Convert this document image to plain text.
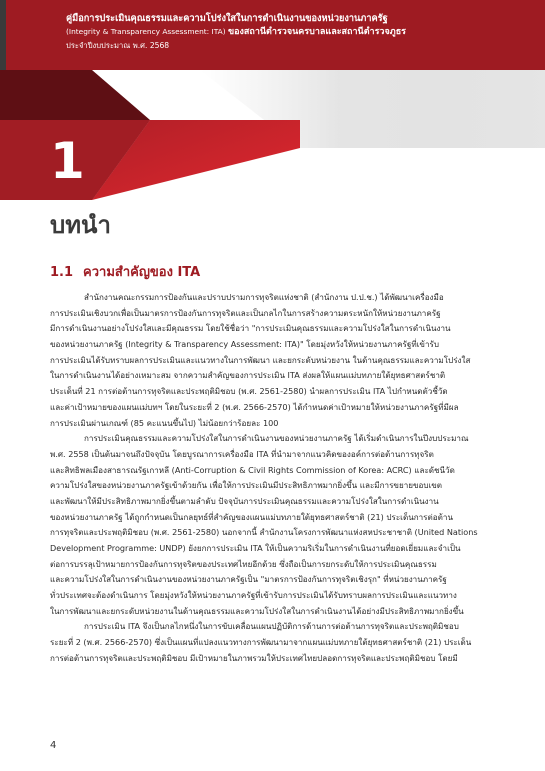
คู่มือการประเมินคุณธรรมและความโปร่งใสในการดำเนินงานของหน่วยงานภาครัฐ
(Integrity & Transparency Assessment: ITA) ของสถานีตำรวจนครบาลและสถานีตำรวจภูธร
ประจำปีงบประมาณ พ.ศ. 2568
1
บทนำ
1.1 ความสำคัญของ ITA
สำนักงานคณะกรรมการป้องกันและปราบปรามการทุจริตแห่งชาติ (สำนักงาน ป.ป.ช.) ได้พัฒนาเครื่องมือ
การประเมินเชิงบวกเพื่อเป็นมาตรการป้องกันการทุจริตและเป็นกลไกในการสร้างความตระหนักให้หน่วยงานภาครัฐ
มีการดำเนินงานอย่างโปร่งใสและมีคุณธรรม โดยใช้ชื่อว่า "การประเมินคุณธรรมและความโปร่งใสในการดำเนินงาน
ของหน่วยงานภาครัฐ (Integrity & Transparency Assessment: ITA)" โดยมุ่งหวังให้หน่วยงานภาครัฐที่เข้ารับ
การประเมินได้รับทราบผลการประเมินและแนวทางในการพัฒนา และยกระดับหน่วยงาน ในด้านคุณธรรมและความโปร่งใส
ในการดำเนินงานได้อย่างเหมาะสม จากความสำคัญของการประเมิน ITA ส่งผลให้แผนแม่บทภายใต้ยุทธศาสตร์ชาติ
ประเด็นที่ 21 การต่อต้านการทุจริตและประพฤติมิชอบ (พ.ศ. 2561-2580) นำผลการประเมิน ITA ไปกำหนดตัวชี้วัด
และค่าเป้าหมายของแผนแม่บทฯ โดยในระยะที่ 2 (พ.ศ. 2566-2570) ได้กำหนดค่าเป้าหมายให้หน่วยงานภาครัฐที่มีผล
การประเมินผ่านเกณฑ์ (85 คะแนนขึ้นไป) ไม่น้อยกว่าร้อยละ 100
การประเมินคุณธรรมและความโปร่งใสในการดำเนินงานของหน่วยงานภาครัฐ ได้เริ่มดำเนินการในปีงบประมาณ
พ.ศ. 2558 เป็นต้นมาจนถึงปัจจุบัน โดยบูรณาการเครื่องมือ ITA ที่นำมาจากแนวคิดของอค์การต่อต้านการทุจริต
และสิทธิพลเมืองสาธารณรัฐเกาหลี (Anti-Corruption & Civil Rights Commission of Korea: ACRC) และดัชนีวัด
ความโปร่งใสของหน่วยงานภาครัฐเข้าด้วยกัน เพื่อให้การประเมินมีประสิทธิภาพมากยิ่งขึ้น และมีการขยายขอบเขต
และพัฒนาให้มีประสิทธิภาพมากยิ่งขึ้นตามลำดับ ปัจจุบันการประเมินคุณธรรมและความโปร่งใสในการดำเนินงาน
ของหน่วยงานภาครัฐ ได้ถูกกำหนดเป็นกลยุทธ์ที่สำคัญของแผนแม่บทภายใต้ยุทธศาสตร์ชาติ (21) ประเด็นการต่อต้าน
การทุจริตและประพฤติมิชอบ (พ.ศ. 2561-2580) นอกจากนี้ สำนักงานโครงการพัฒนาแห่งสหประชาชาติ (United Nations
Development Programme: UNDP) ยังยกการประเมิน ITA ให้เป็นความริเริ่มในการดำเนินงานที่ยอดเยี่ยมและจำเป็น
ต่อการบรรลุเป้าหมายการป้องกันการทุจริตของประเทศไทยอีกด้วย ซึ่งถือเป็นการยกระดับให้การประเมินคุณธรรม
และความโปร่งใสในการดำเนินงานของหน่วยงานภาครัฐเป็น "มาตรการป้องกันการทุจริตเชิงรุก" ที่หน่วยงานภาครัฐ
ทั่วประเทศจะต้องดำเนินการ โดยมุ่งหวังให้หน่วยงานภาครัฐที่เข้ารับการประเมินได้รับทราบผลการประเมินและแนวทาง
ในการพัฒนาและยกระดับหน่วยงานในด้านคุณธรรมและความโปร่งใสในการดำเนินงานได้อย่างมีประสิทธิภาพมากยิ่งขึ้น
การประเมิน ITA จึงเป็นกลไกหนึ่งในการขับเคลื่อนแผนปฏิบัติการด้านการต่อต้านการทุจริตและประพฤติมิชอบ
ระยะที่ 2 (พ.ศ. 2566-2570) ซึ่งเป็นแผนที่แปลงแนวทางการพัฒนามาจากแผนแม่บทภายใต้ยุทธศาสตร์ชาติ (21) ประเด็น
การต่อต้านการทุจริตและประพฤติมิชอบ มีเป้าหมายในภาพรวมให้ประเทศไทยปลอดการทุจริตและประพฤติมิชอบ โดยมี
4
